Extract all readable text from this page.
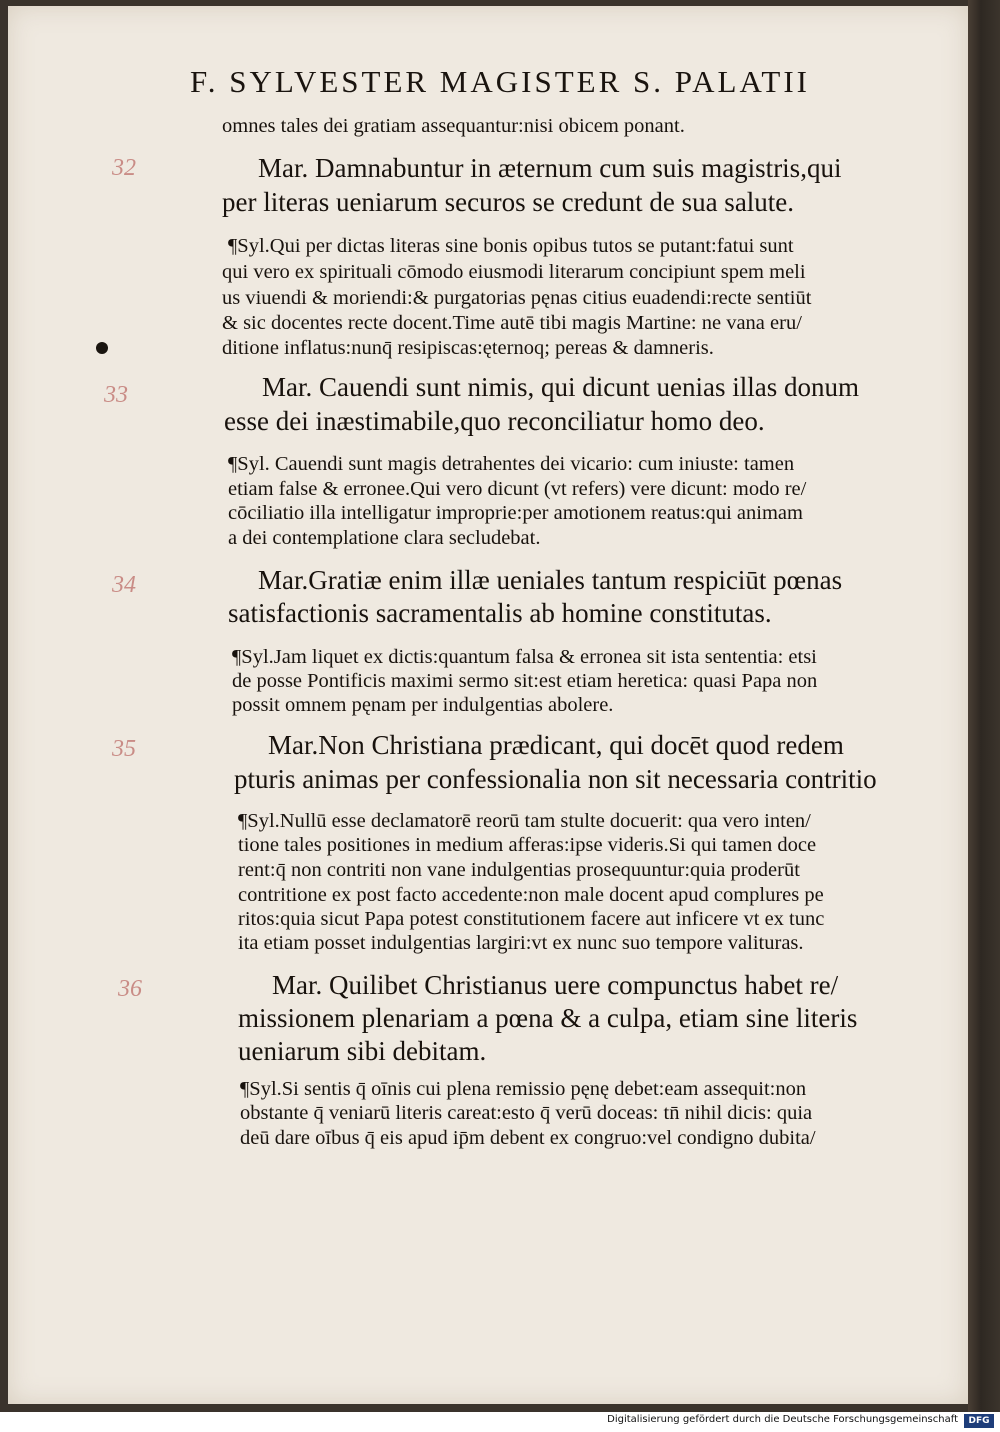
F. SYLVESTER MAGISTER S. PALATII
omnes tales dei gratiam assequantur:nisi obicem ponant.
Mar. Damnabuntur in æternum cum suis magistris,qui
per literas ueniarum securos se credunt de sua salute.
¶Syl.Qui per dictas literas sine bonis opibus tutos se putant:fatui sunt
qui vero ex spirituali cōmodo eiusmodi literarum concipiunt spem meli
us viuendi & moriendi:& purgatorias pęnas citius euadendi:recte sentiūt
& sic docentes recte docent.Time autē tibi magis Martine: ne vana eru/
ditione inflatus:nunq̄ resipiscas:ęternoq; pereas & damneris.
Mar. Cauendi sunt nimis, qui dicunt uenias illas donum
esse dei inæstimabile,quo reconciliatur homo deo.
¶Syl. Cauendi sunt magis detrahentes dei vicario: cum iniuste: tamen
etiam false & erronee.Qui vero dicunt (vt refers) vere dicunt: modo re/
cōciliatio illa intelligatur improprie:per amotionem reatus:qui animam
a dei contemplatione clara secludebat.
Mar.Gratiæ enim illæ ueniales tantum respiciūt pœnas
satisfactionis sacramentalis ab homine constitutas.
¶Syl.Jam liquet ex dictis:quantum falsa & erronea sit ista sententia: etsi
de posse Pontificis maximi sermo sit:est etiam heretica: quasi Papa non
possit omnem pęnam per indulgentias abolere.
Mar.Non Christiana prædicant, qui docēt quod redem
pturis animas per confessionalia non sit necessaria contritio
¶Syl.Nullū esse declamatorē reorū tam stulte docuerit: qua vero inten/
tione tales positiones in medium afferas:ipse videris.Si qui tamen doce
rent:q̄ non contriti non vane indulgentias prosequuntur:quia proderūt
contritione ex post facto accedente:non male docent apud complures pe
ritos:quia sicut Papa potest constitutionem facere aut inficere vt ex tunc
ita etiam posset indulgentias largiri:vt ex nunc suo tempore valituras.
Mar. Quilibet Christianus uere compunctus habet re/
missionem plenariam a pœna & a culpa, etiam sine literis
ueniarum sibi debitam.
¶Syl.Si sentis q̄ oīnis cui plena remissio pęnę debet:eam assequit:non
obstante q̄ veniarū literis careat:esto q̄ verū doceas: tn̄ nihil dicis: quia
deū dare oībus q̄ eis apud ip̄m debent ex congruo:vel condigno dubita/
32
33
34
35
36
Digitalisierung gefördert durch die Deutsche Forschungsgemeinschaft	DFG
